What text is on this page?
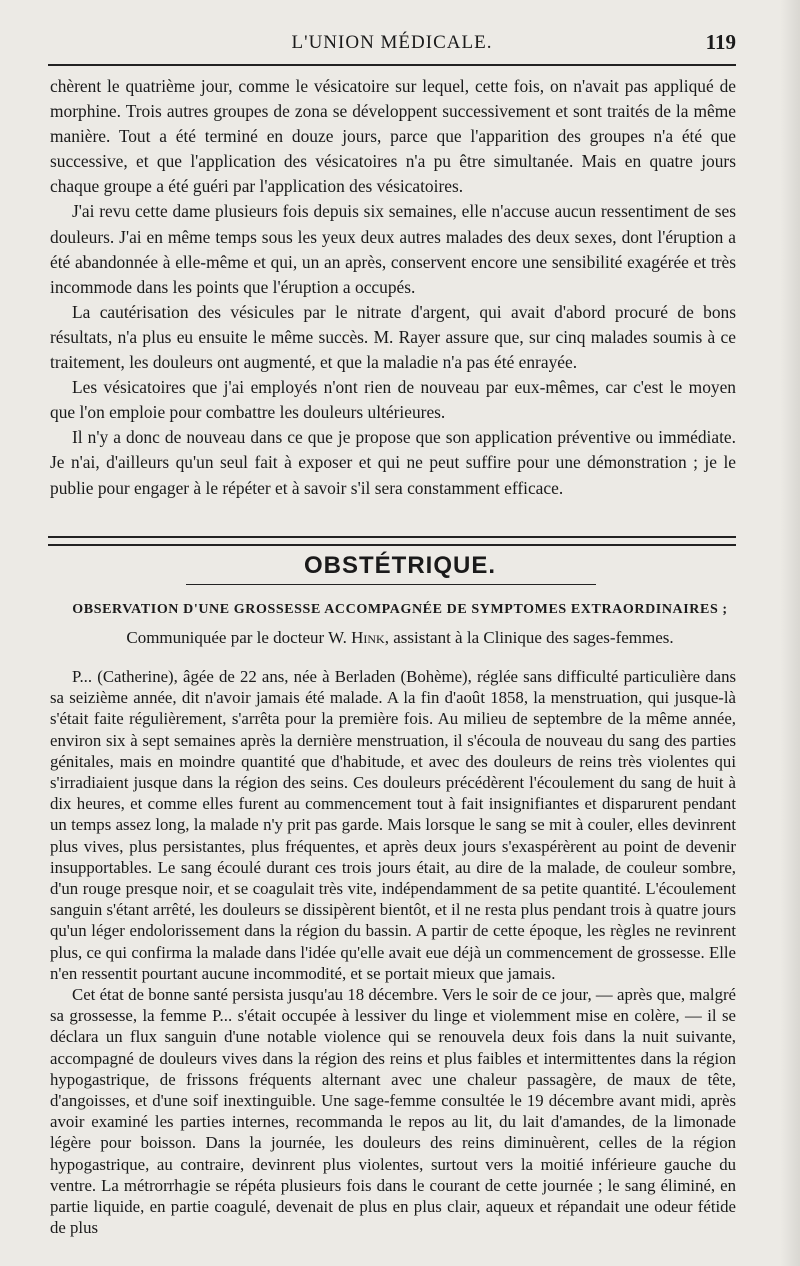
L'UNION MÉDICALE.	119

chèrent le quatrième jour, comme le vésicatoire sur lequel, cette fois, on n'avait pas appliqué de morphine. Trois autres groupes de zona se développent successivement et sont traités de la même manière. Tout a été terminé en douze jours, parce que l'apparition des groupes n'a été que successive, et que l'application des vésicatoires n'a pu être simultanée. Mais en quatre jours chaque groupe a été guéri par l'application des vésicatoires.

J'ai revu cette dame plusieurs fois depuis six semaines, elle n'accuse aucun ressentiment de ses douleurs. J'ai en même temps sous les yeux deux autres malades des deux sexes, dont l'éruption a été abandonnée à elle-même et qui, un an après, conservent encore une sensibilité exagérée et très incommode dans les points que l'éruption a occupés.

La cautérisation des vésicules par le nitrate d'argent, qui avait d'abord procuré de bons résultats, n'a plus eu ensuite le même succès. M. Rayer assure que, sur cinq malades soumis à ce traitement, les douleurs ont augmenté, et que la maladie n'a pas été enrayée.

Les vésicatoires que j'ai employés n'ont rien de nouveau par eux-mêmes, car c'est le moyen que l'on emploie pour combattre les douleurs ultérieures.

Il n'y a donc de nouveau dans ce que je propose que son application préventive ou immédiate. Je n'ai, d'ailleurs qu'un seul fait à exposer et qui ne peut suffire pour une démonstration ; je le publie pour engager à le répéter et à savoir s'il sera constamment efficace.

OBSTÉTRIQUE.
OBSERVATION D'UNE GROSSESSE ACCOMPAGNÉE DE SYMPTOMES EXTRAORDINAIRES ;
Communiquée par le docteur W. Hink, assistant à la Clinique des sages-femmes.

P... (Catherine), âgée de 22 ans, née à Berladen (Bohème), réglée sans difficulté particulière dans sa seizième année, dit n'avoir jamais été malade. A la fin d'août 1858, la menstruation, qui jusque-là s'était faite régulièrement, s'arrêta pour la première fois. Au milieu de septembre de la même année, environ six à sept semaines après la dernière menstruation, il s'écoula de nouveau du sang des parties génitales, mais en moindre quantité que d'habitude, et avec des douleurs de reins très violentes qui s'irradiaient jusque dans la région des seins. Ces douleurs précédèrent l'écoulement du sang de huit à dix heures, et comme elles furent au commencement tout à fait insignifiantes et disparurent pendant un temps assez long, la malade n'y prit pas garde. Mais lorsque le sang se mit à couler, elles devinrent plus vives, plus persistantes, plus fréquentes, et après deux jours s'exaspérèrent au point de devenir insupportables. Le sang écoulé durant ces trois jours était, au dire de la malade, de couleur sombre, d'un rouge presque noir, et se coagulait très vite, indépendamment de sa petite quantité. L'écoulement sanguin s'étant arrêté, les douleurs se dissipèrent bientôt, et il ne resta plus pendant trois à quatre jours qu'un léger endolorissement dans la région du bassin. A partir de cette époque, les règles ne revinrent plus, ce qui confirma la malade dans l'idée qu'elle avait eue déjà un commencement de grossesse. Elle n'en ressentit pourtant aucune incommodité, et se portait mieux que jamais.

Cet état de bonne santé persista jusqu'au 18 décembre. Vers le soir de ce jour, — après que, malgré sa grossesse, la femme P... s'était occupée à lessiver du linge et violemment mise en colère, — il se déclara un flux sanguin d'une notable violence qui se renouvela deux fois dans la nuit suivante, accompagné de douleurs vives dans la région des reins et plus faibles et intermittentes dans la région hypogastrique, de frissons fréquents alternant avec une chaleur passagère, de maux de tête, d'angoisses, et d'une soif inextinguible. Une sage-femme consultée le 19 décembre avant midi, après avoir examiné les parties internes, recommanda le repos au lit, du lait d'amandes, de la limonade légère pour boisson. Dans la journée, les douleurs des reins diminuèrent, celles de la région hypogastrique, au contraire, devinrent plus violentes, surtout vers la moitié inférieure gauche du ventre. La métrorrhagie se répéta plusieurs fois dans le courant de cette journée ; le sang éliminé, en partie liquide, en partie coagulé, devenait de plus en plus clair, aqueux et répandait une odeur fétide de plus
